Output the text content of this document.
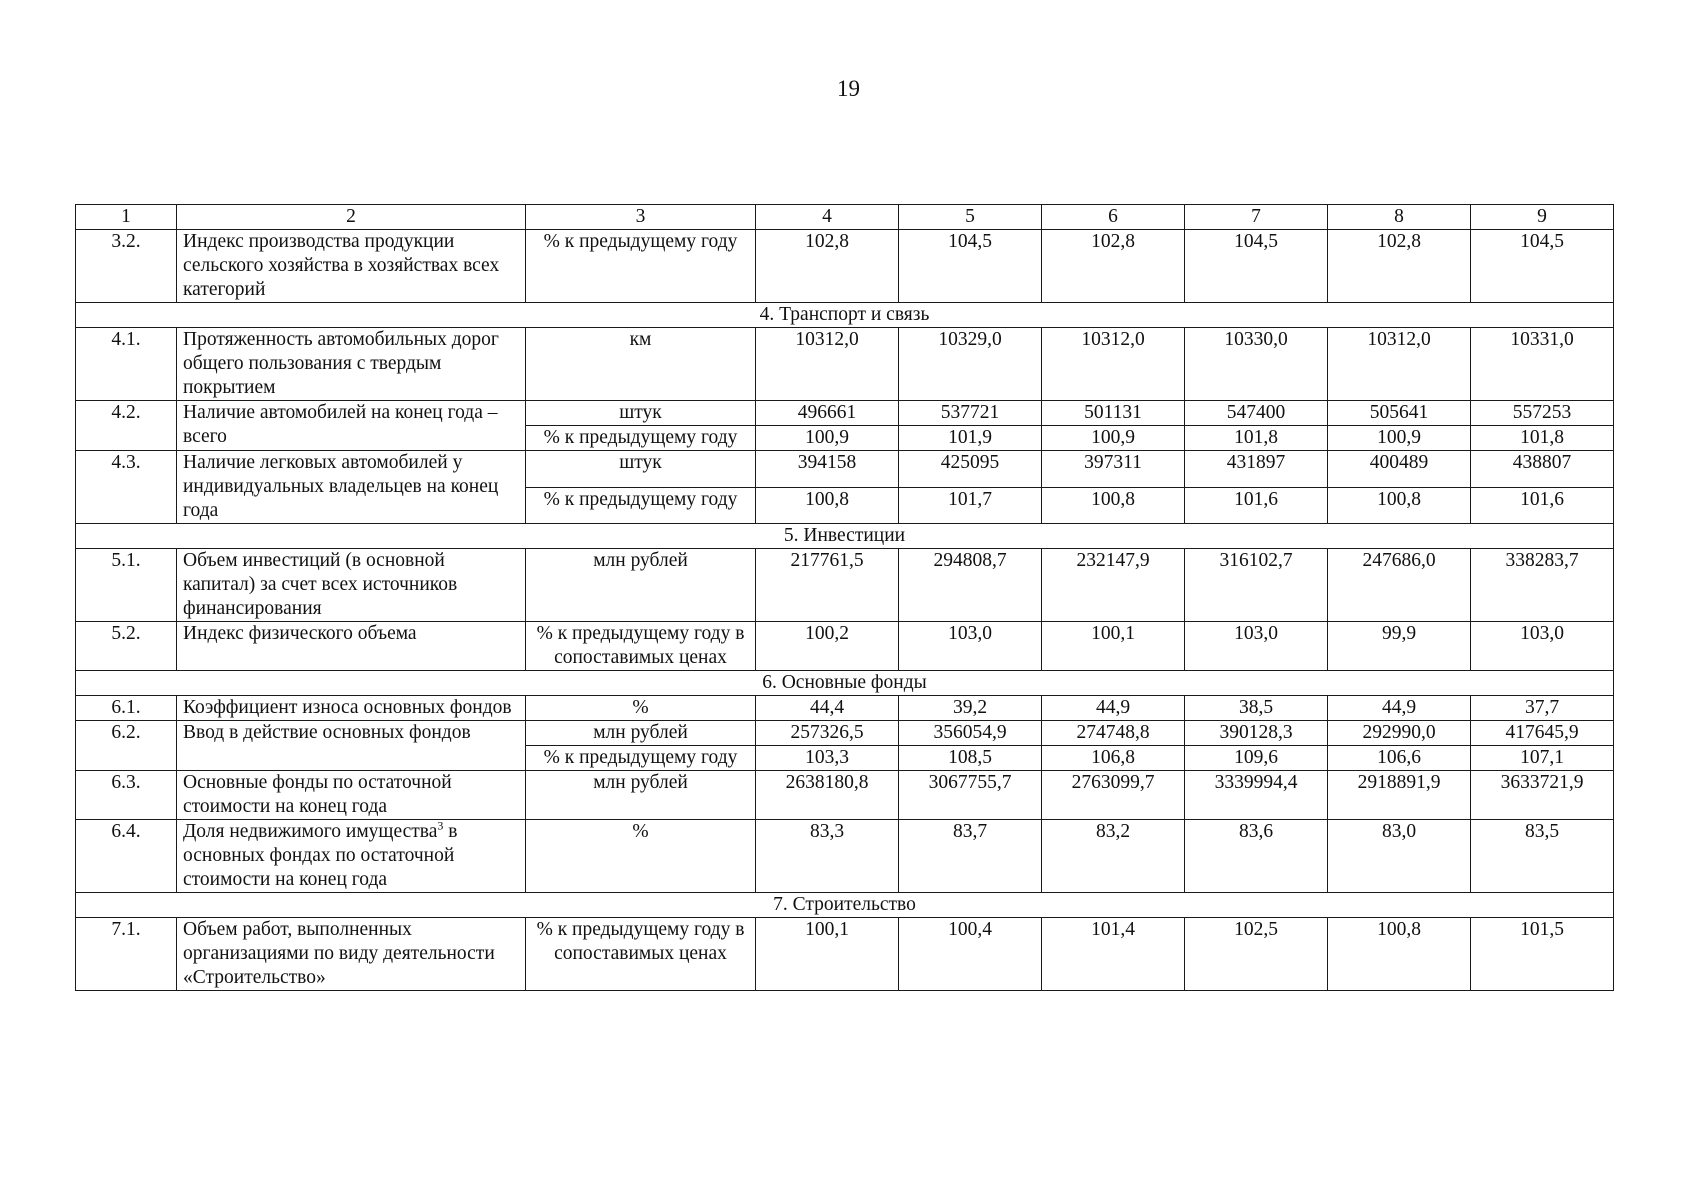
19
1	2	3	4	5	6	7	8	9
3.2.	Индекс производства продукции сельского хозяйства в хозяйствах всех категорий	% к предыдущему году	102,8	104,5	102,8	104,5	102,8	104,5
4. Транспорт и связь								
4.1.	Протяженность автомобильных дорог общего пользования с твердым покрытием	км	10312,0	10329,0	10312,0	10330,0	10312,0	10331,0
4.2.	Наличие автомобилей на конец года – всего	штук	496661	537721	501131	547400	505641	557253
		% к предыдущему году	100,9	101,9	100,9	101,8	100,9	101,8
4.3.	Наличие легковых автомобилей у индивидуальных владельцев на конец года	штук	394158	425095	397311	431897	400489	438807
		% к предыдущему году	100,8	101,7	100,8	101,6	100,8	101,6
5. Инвестиции								
5.1.	Объем инвестиций (в основной капитал) за счет всех источников финансирования	млн рублей	217761,5	294808,7	232147,9	316102,7	247686,0	338283,7
5.2.	Индекс физического объема	% к предыдущему году в сопоставимых ценах	100,2	103,0	100,1	103,0	99,9	103,0
6. Основные фонды								
6.1.	Коэффициент износа основных фондов	%	44,4	39,2	44,9	38,5	44,9	37,7
6.2.	Ввод в действие основных фондов	млн рублей	257326,5	356054,9	274748,8	390128,3	292990,0	417645,9
		% к предыдущему году	103,3	108,5	106,8	109,6	106,6	107,1
6.3.	Основные фонды по остаточной стоимости на конец года	млн рублей	2638180,8	3067755,7	2763099,7	3339994,4	2918891,9	3633721,9
6.4.	Доля недвижимого имущества$^3$ в основных фондах по остаточной стоимости на конец года	%	83,3	83,7	83,2	83,6	83,0	83,5
7. Строительство								
7.1.	Объем работ, выполненных организациями по виду деятельности «Строительство»	% к предыдущему году в сопоставимых ценах	100,1	100,4	101,4	102,5	100,8	101,5
